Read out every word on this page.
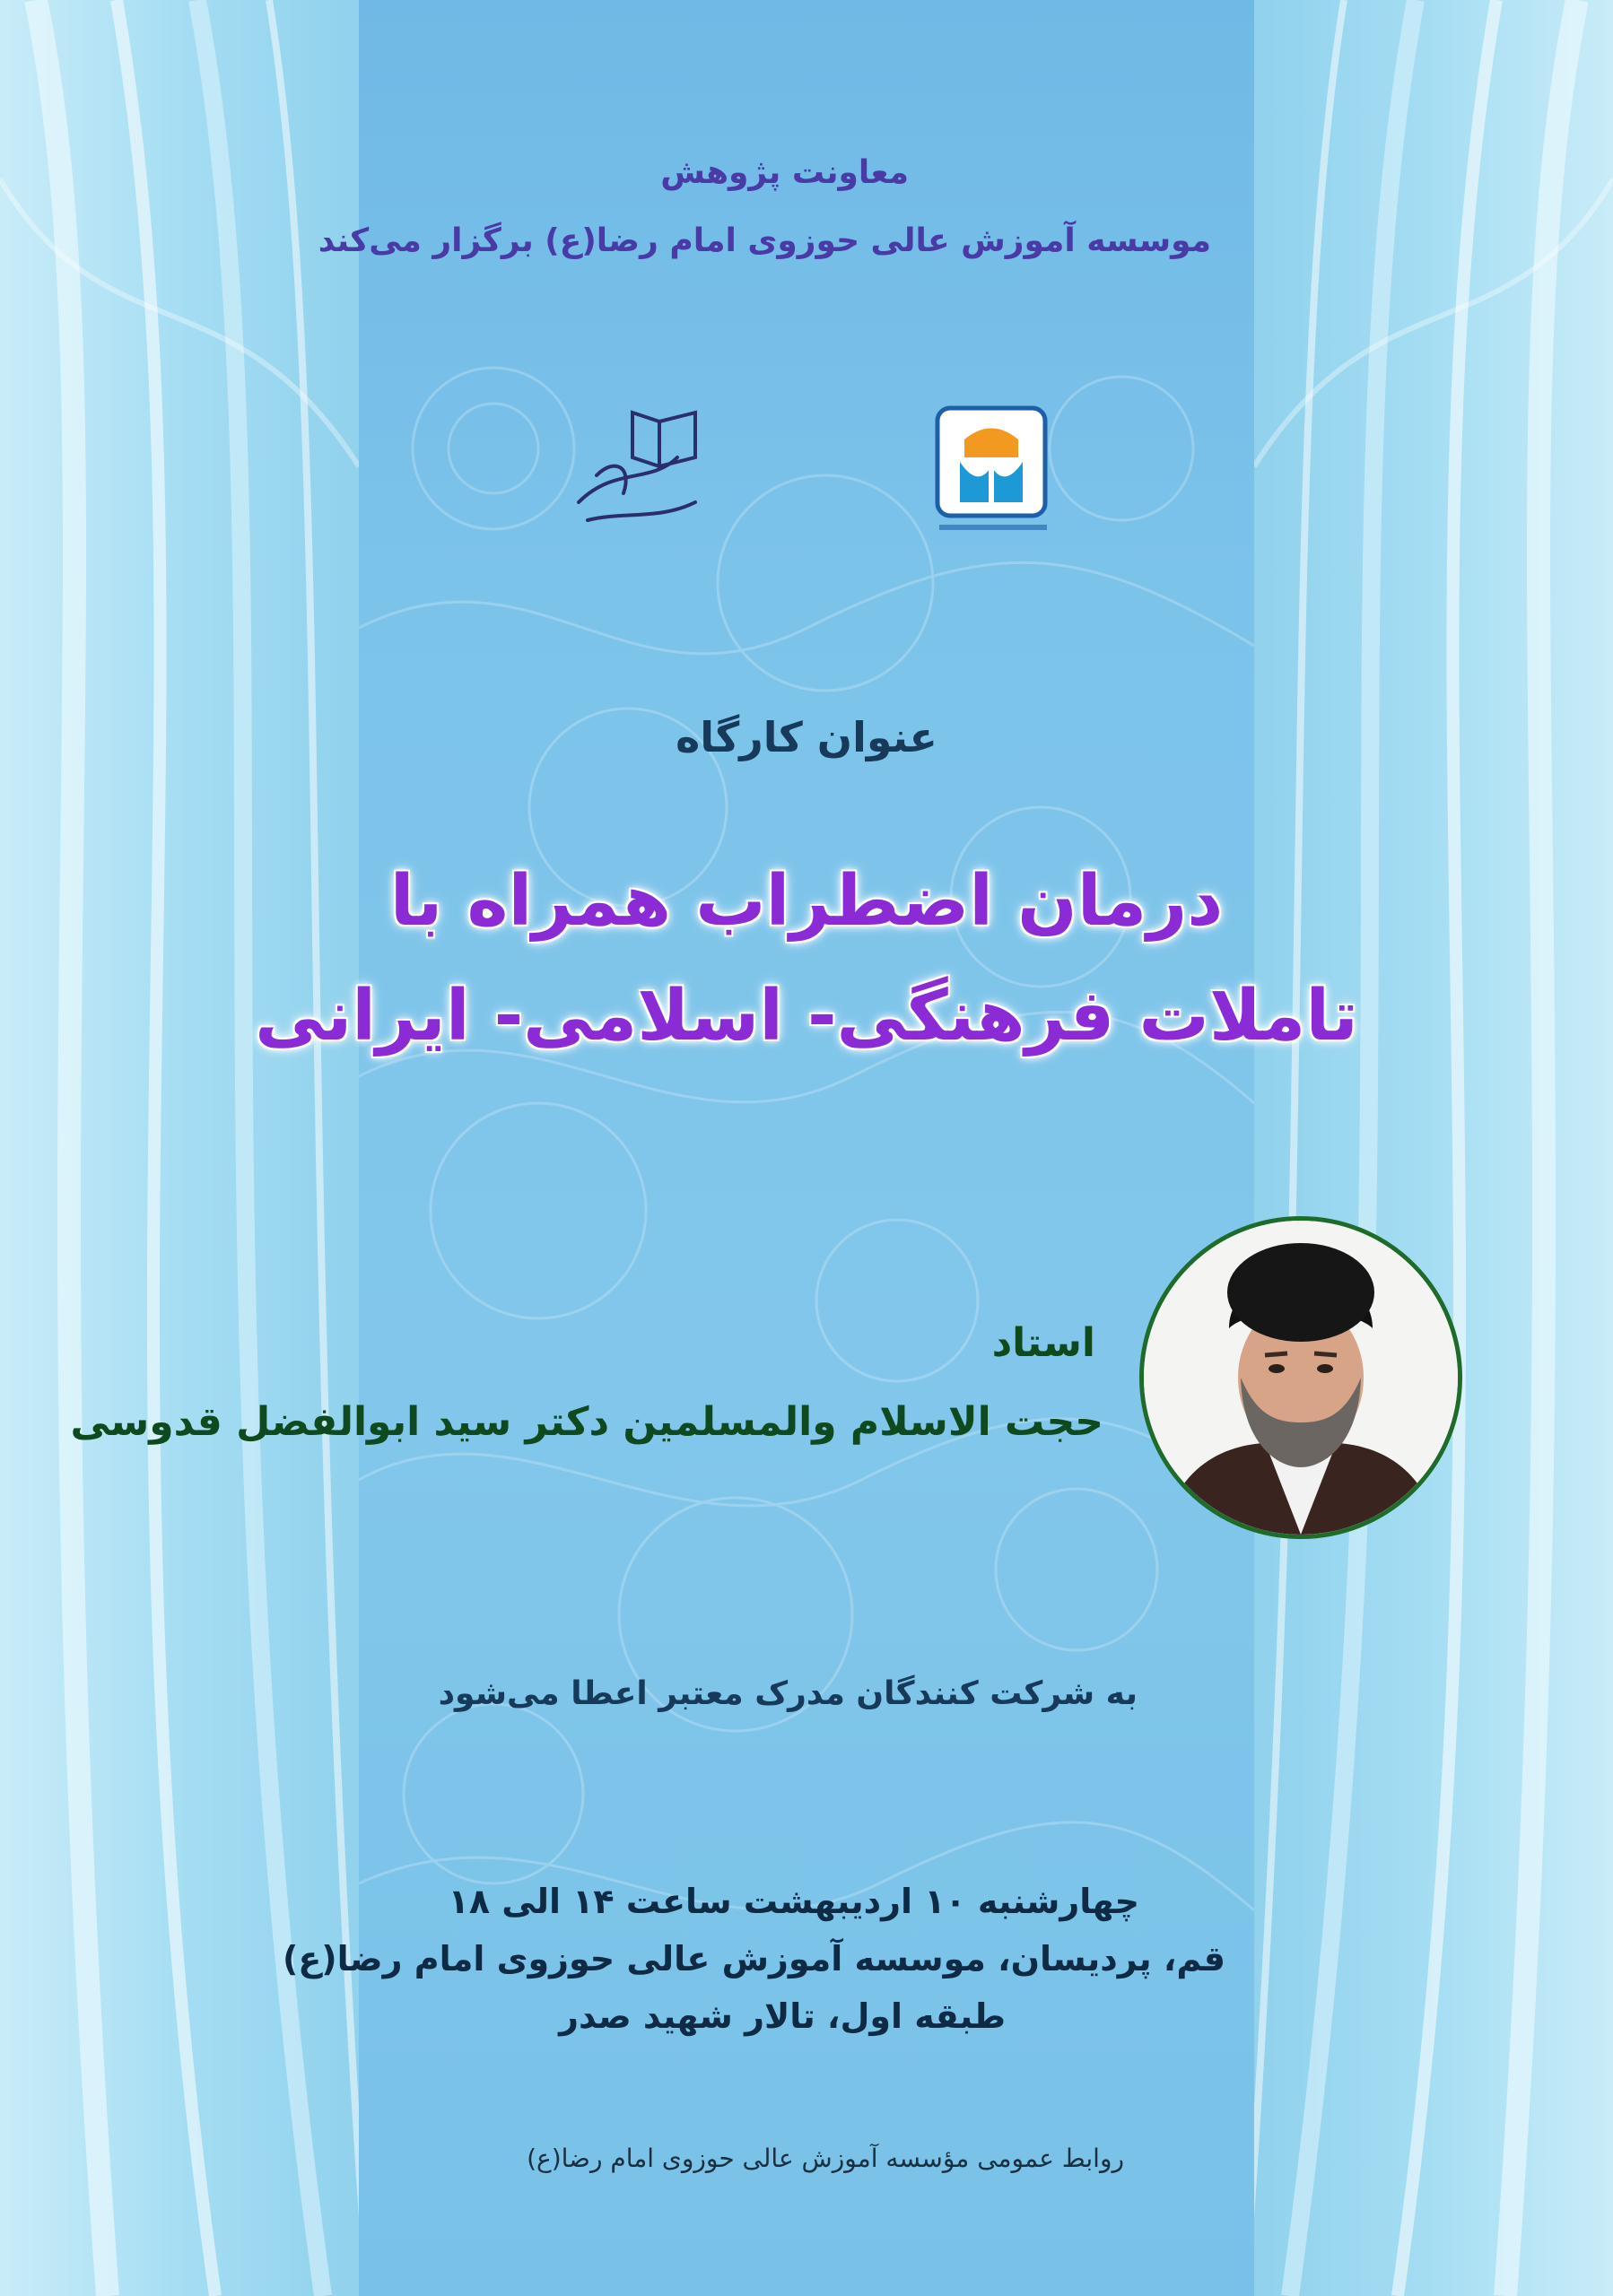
معاونت پژوهش
موسسه آموزش عالی حوزوی امام رضا(ع) برگزار می‌کند
عنوان کارگاه
درمان اضطراب همراه با
تاملات فرهنگی- اسلامی- ایرانی
استاد
حجت الاسلام والمسلمین دکتر سید ابوالفضل قدوسی
به شرکت کنندگان مدرک معتبر اعطا می‌شود
چهارشنبه ۱۰ اردیبهشت ساعت ۱۴ الی ۱۸
قم، پردیسان، موسسه آموزش عالی حوزوی امام رضا(ع)
طبقه اول، تالار شهید صدر
روابط عمومی مؤسسه آموزش عالی حوزوی امام رضا(ع)
